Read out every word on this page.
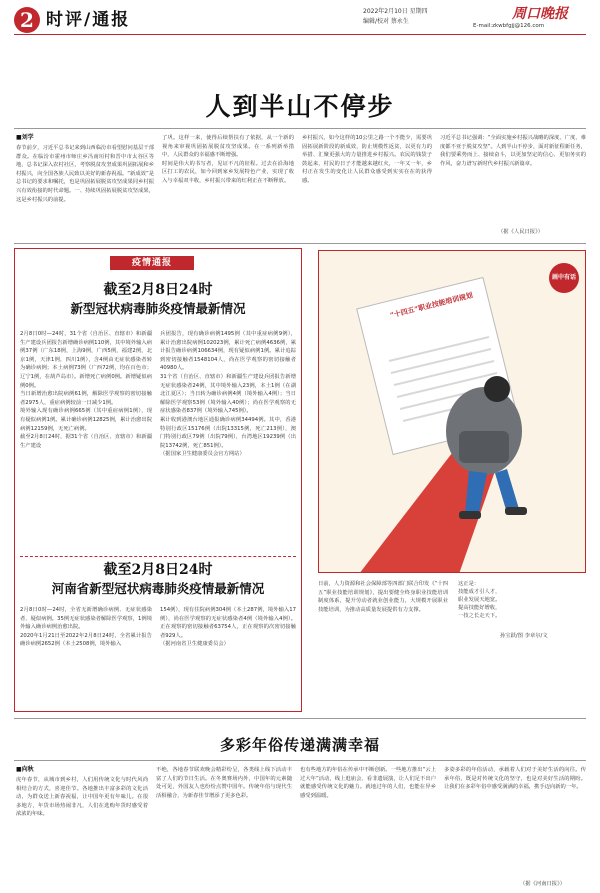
2 时评/通报	2022年2月10日 星期四
编辑/校对 蔡永生	周口晚报
E-mail:zkwbfgjj@126.com
人到半山不停步
■刘学
春节前夕，习近平总书记来到山西临汾市看望慰问基层干部群众。在临汾市霍州市师庄乡冯南垣村和晋中市太谷区等地，总书记深入农村社区，考察脱贫攻坚成果巩固拓展和乡村振兴，向全国各族人民致以美好的新春祝福。“新成效”是总书记的要求和嘱托，也是巩固拓展脱贫攻坚成果同乡村振兴有效衔接的时代命题。一、持续巩固拓展脱贫攻坚成果，这是乡村振兴的前提。
了巩。这样一来，使得后续帮扶有了依据，从一个新的视角来审视巩固拓展脱贫攻坚成果。在一系列新举措中，人民群众的幸福感不断增强。
时间是伟大的书写者，见证不凡的征程。过去在沿海地区打工的农民，如今回到家乡发展特色产业，实现了收入与幸福双丰收，乡村振兴带来的红利正在不断释放。
乡村振兴，如今这样的10公里之路一个不能少，需要巩固拓展新阶段的新成效，防止规模性返贫，以更有力的举措、汇聚更强大的力量推进乡村振兴。农民的钱袋子鼓起来，村民的日子才能越来越红火，一年又一年，乡村正在发生的变化让人民群众感受到实实在在的获得感。
习近平总书记强调：“全面实施乡村振兴战略的深度、广度、难度都不亚于脱贫攻坚”。人到半山不停步，面对新征程新任务，我们要乘势而上、接续奋斗，以更加坚定的信心、更加务实的作风，奋力谱写新时代乡村振兴新篇章。
（据《人民日报》）
疫情通报
截至2月8日24时
新型冠状病毒肺炎疫情最新情况
2月8日0时—24时，31个省（自治区、直辖市）和新疆生产建设兵团报告新增确诊病例110例，其中境外输入病例37例（广东18例，上海9例，广西5例，福建2例，北京1例，天津1例，四川1例），含4例由无症状感染者转为确诊病例；本土病例73例（广西72例，均在百色市；辽宁1例，在葫芦岛市）。新增死亡病例0例。新增疑似病例0例。
当日新增治愈出院病例61例，解除医学观察的密切接触者2975人，重症病例较前一日减少1例。
境外输入现有确诊病例665例（其中重症病例1例），现有疑似病例1例。累计确诊病例12825例，累计治愈出院病例12159例，无死亡病例。
截至2月8日24时，据31个省（自治区、直辖市）和新疆生产建设
兵团报告，现有确诊病例1495例（其中重症病例9例），累计治愈出院病例102023例，累计死亡病例4636例，累计报告确诊病例106634例，现有疑似病例1例。累计追踪到密切接触者1548104人，尚在医学观察的密切接触者40980人。
31个省（自治区、直辖市）和新疆生产建设兵团报告新增无症状感染者24例，其中境外输入23例，本土1例（在湖北江夏区）；当日转为确诊病例4例（境外输入4例）；当日解除医学观察53例（境外输入40例）；尚在医学观察的无症状感染者837例（境外输入745例）。
累计收到港澳台地区通报确诊病例34494例。其中，香港特别行政区15176例（出院13315例，死亡213例），澳门特别行政区79例（出院79例），台湾地区19239例（出院13742例，死亡851例）。
（据国家卫生健康委员会官方网站）
截至2月8日24时
河南省新型冠状病毒肺炎疫情最新情况
2月8日0时—24时，全省无新增确诊病例、无症状感染者、疑似病例。35例无症状感染者解除医学观察，1例境外输入确诊病例治愈出院。
2020年1月21日至2022年2月8日24时，全省累计报告确诊病例2652例（本土2508例，境外输入
154例），现有住院病例304例（本土287例，境外输入17例），尚在医学观察的无症状感染者4例（境外输入4例）。正在观察的密切接触者63754人，正在观察的次密切接触者929人。
（据河南省卫生健康委员会）
画中有话
“十四五”职业技能培训规划
日前，人力资源和社会保障部等四部门联合印发《“十四五”职业技能培训规划》，提出要健全终身职业技能培训制度体系，提升劳动者就业创业能力，大规模开展职业技能培训，为推动高质量发展提供有力支撑。
这正是：
技能成才引人才，
职业发展天地宽。
提高技能好增收，
一技之长走天下。
孙宝跃/图 李章尔/文
多彩年俗传递满满幸福
■向秋
虎年春节，从城市到乡村，人们用传统文化与时代风尚相结合的方式，喜迎佳节。各地推出丰富多彩的文化活动，为群众送上新春祝福，让中国年更有年味儿。在很多地方，年货市场热闹非凡，人们在选购年货时感受着浓浓的年味。
不绝，各地春节联欢晚会精彩纷呈，各类线上线下活动丰富了人们的节日生活。在冬奥赛场内外，中国年的元素随处可见，外国友人也纷纷点赞中国年。传统年俗与现代生活相融合，为新春佳节增添了更多色彩。
也有些地方的年俗在传承中不断创新。一些地方推出“云上过大年”活动，线上逛庙会、看非遗展演，让人们足不出户就能感受传统文化的魅力。就地过年的人们，也能在异乡感受到温暖。
多姿多彩的年俗活动，承载着人们对于美好生活的向往。传承年俗，既是对传统文化的坚守，也是对美好生活的期盼。让我们在多彩年俗中感受满满的幸福，携手迈向新的一年。
（据《河南日报》）
